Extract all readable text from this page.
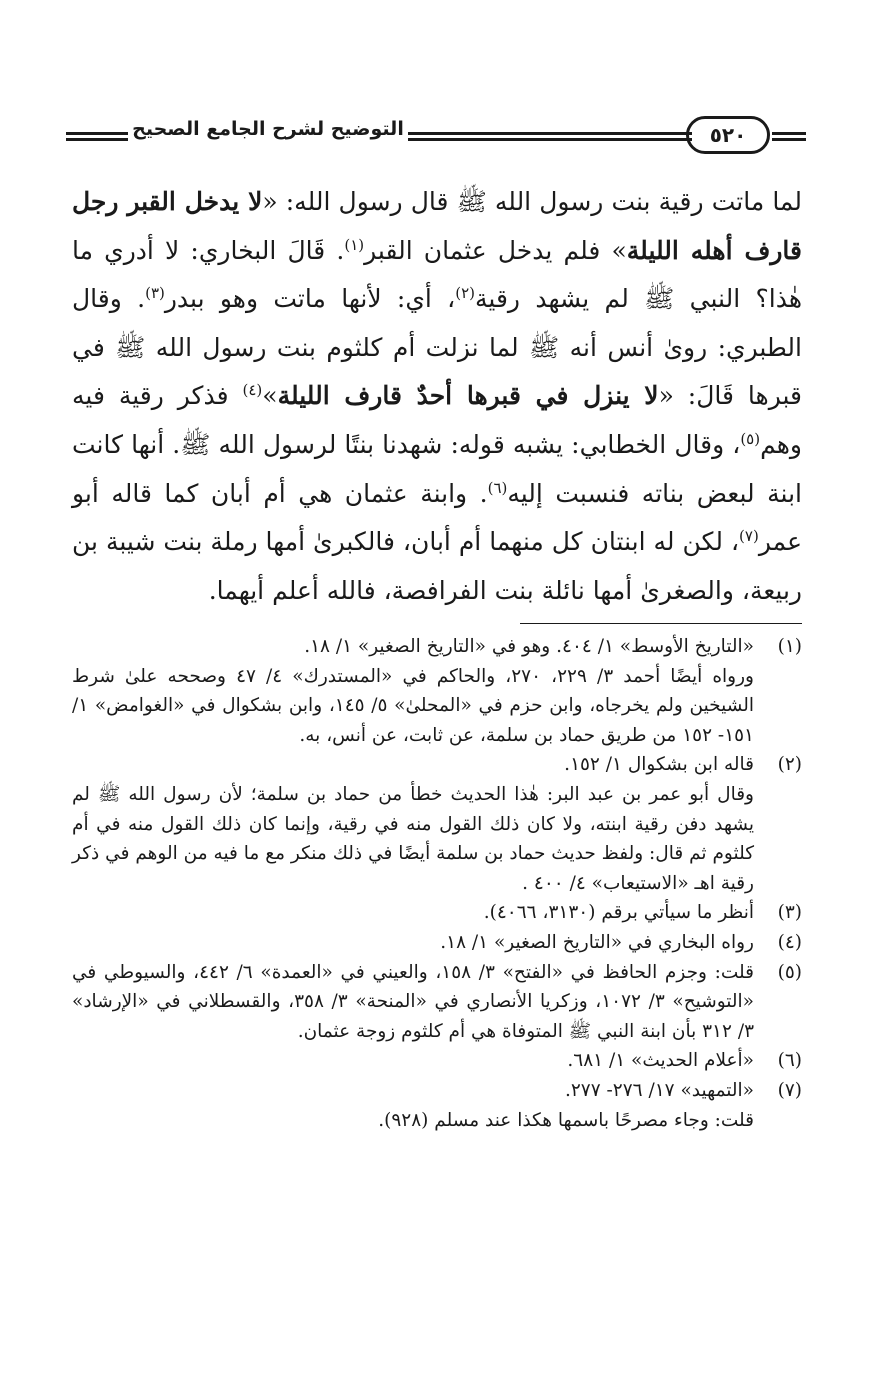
التوضيح لشرح الجامع الصحيح	٥٢٠

لما ماتت رقية بنت رسول الله ﷺ قال رسول الله: «لا يدخل القبر رجل قارف أهله الليلة» فلم يدخل عثمان القبر$^{(١)}$. قَالَ البخاري: لا أدري ما هٰذا؟ النبي ﷺ لم يشهد رقية$^{(٢)}$، أي: لأنها ماتت وهو ببدر$^{(٣)}$. وقال الطبري: روىٰ أنس أنه ﷺ لما نزلت أم كلثوم بنت رسول الله ﷺ في قبرها قَالَ: «لا ينزل في قبرها أحدٌ قارف الليلة»$^{(٤)}$ فذكر رقية فيه وهم$^{(٥)}$، وقال الخطابي: يشبه قوله: شهدنا بنتًا لرسول الله ﷺ. أنها كانت ابنة لبعض بناته فنسبت إليه$^{(٦)}$. وابنة عثمان هي أم أبان كما قاله أبو عمر$^{(٧)}$، لكن له ابنتان كل منهما أم أبان، فالكبرىٰ أمها رملة بنت شيبة بن ربيعة، والصغرىٰ أمها نائلة بنت الفرافصة، فالله أعلم أيهما.

(١)
«التاريخ الأوسط» ١/ ٤٠٤. وهو في «التاريخ الصغير» ١/ ١٨.
ورواه أيضًا أحمد ٣/ ٢٢٩، ٢٧٠، والحاكم في «المستدرك» ٤/ ٤٧ وصححه علىٰ شرط الشيخين ولم يخرجاه، وابن حزم في «المحلىٰ» ٥/ ١٤٥، وابن بشكوال في «الغوامض» ١/ ١٥١- ١٥٢ من طريق حماد بن سلمة، عن ثابت، عن أنس، به.
(٢)
قاله ابن بشكوال ١/ ١٥٢.
وقال أبو عمر بن عبد البر: هٰذا الحديث خطأ من حماد بن سلمة؛ لأن رسول الله ﷺ لم يشهد دفن رقية ابنته، ولا كان ذلك القول منه في رقية، وإنما كان ذلك القول منه في أم كلثوم ثم قال: ولفظ حديث حماد بن سلمة أيضًا في ذلك منكر مع ما فيه من الوهم في ذكر رقية اهـ «الاستيعاب» ٤/ ٤٠٠ .
(٣)
أنظر ما سيأتي برقم (٣١٣٠، ٤٠٦٦).
(٤)
رواه البخاري في «التاريخ الصغير» ١/ ١٨.
(٥)
قلت: وجزم الحافظ في «الفتح» ٣/ ١٥٨، والعيني في «العمدة» ٦/ ٤٤٢، والسيوطي في «التوشيح» ٣/ ١٠٧٢، وزكريا الأنصاري في «المنحة» ٣/ ٣٥٨، والقسطلاني في «الإرشاد» ٣/ ٣١٢ بأن ابنة النبي ﷺ المتوفاة هي أم كلثوم زوجة عثمان.
(٦)
«أعلام الحديث» ١/ ٦٨١.
(٧)
«التمهيد» ١٧/ ٢٧٦- ٢٧٧.
قلت: وجاء مصرحًا باسمها هكذا عند مسلم (٩٢٨).
